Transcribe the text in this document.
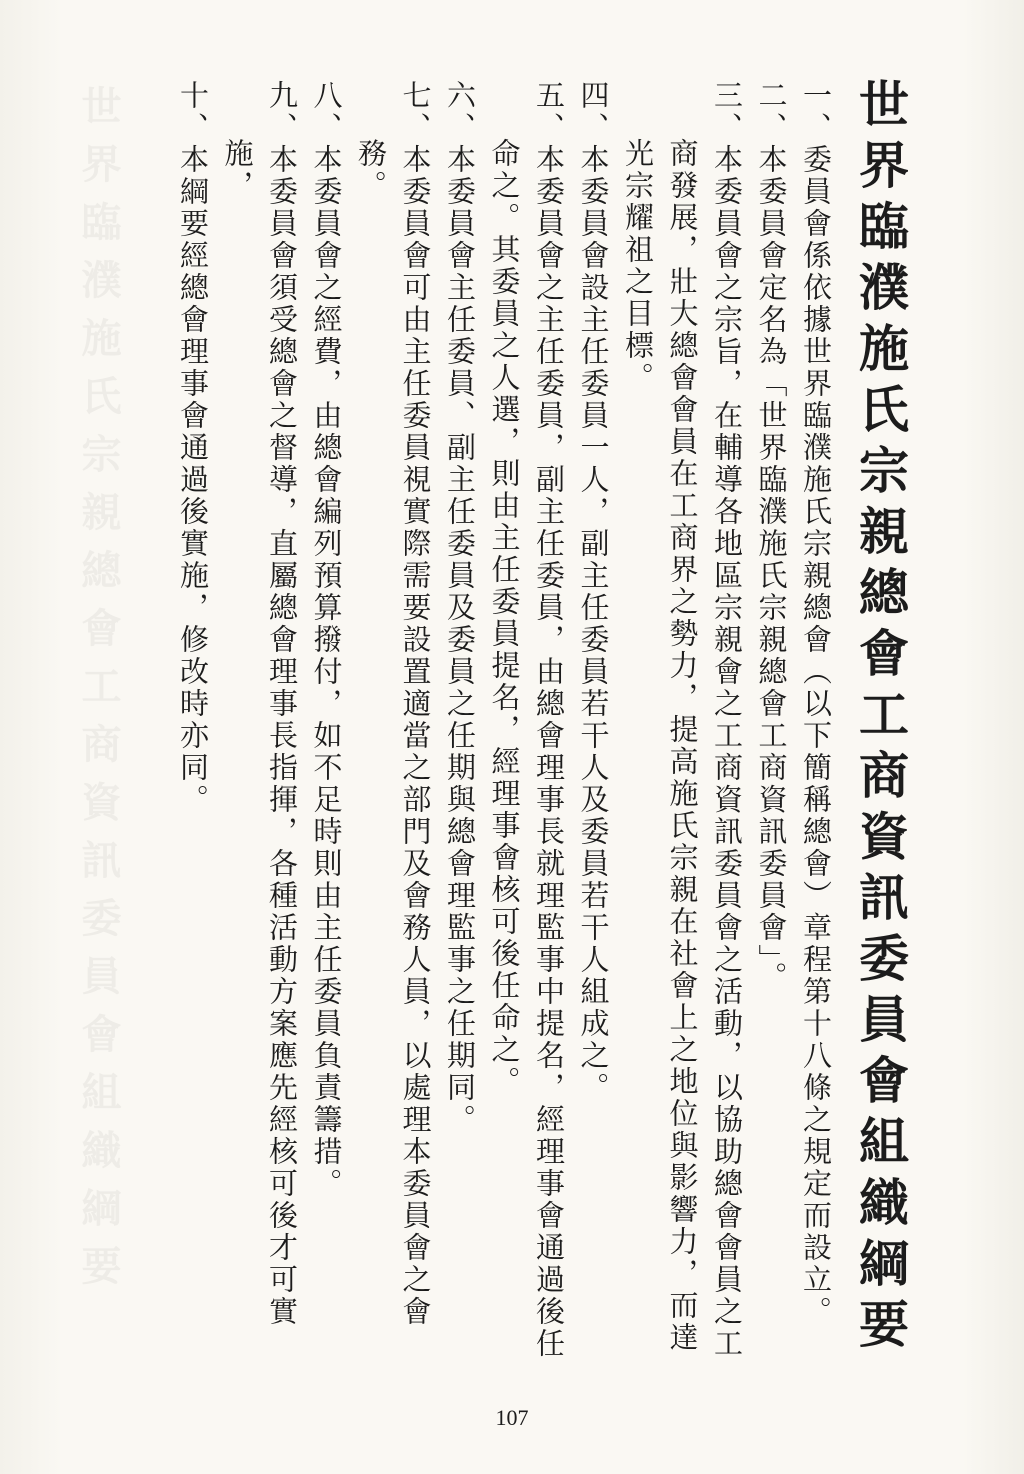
世界臨濮施氏宗親總會工商資訊委員會組織綱要	世界臨濮施氏宗親總會工商資訊委員會組織綱要

一、委員會係依據世界臨濮施氏宗親總會（以下簡稱總會）章程第十八條之規定而設立。

二、本委員會定名為「世界臨濮施氏宗親總會工商資訊委員會」。

三、本委員會之宗旨，在輔導各地區宗親會之工商資訊委員會之活動，以協助總會會員之工商發展，壯大總會會員在工商界之勢力，提高施氏宗親在社會上之地位與影響力，而達光宗耀祖之目標。

四、本委員會設主任委員一人，副主任委員若干人及委員若干人組成之。

五、本委員會之主任委員，副主任委員，由總會理事長就理監事中提名，經理事會通過後任命之。其委員之人選，則由主任委員提名，經理事會核可後任命之。

六、本委員會主任委員、副主任委員及委員之任期與總會理監事之任期同。

七、本委員會可由主任委員視實際需要設置適當之部門及會務人員，以處理本委員會之會務。

八、本委員會之經費，由總會編列預算撥付，如不足時則由主任委員負責籌措。

九、本委員會須受總會之督導，直屬總會理事長指揮，各種活動方案應先經核可後才可實施，

十、本綱要經總會理事會通過後實施，修改時亦同。

107
